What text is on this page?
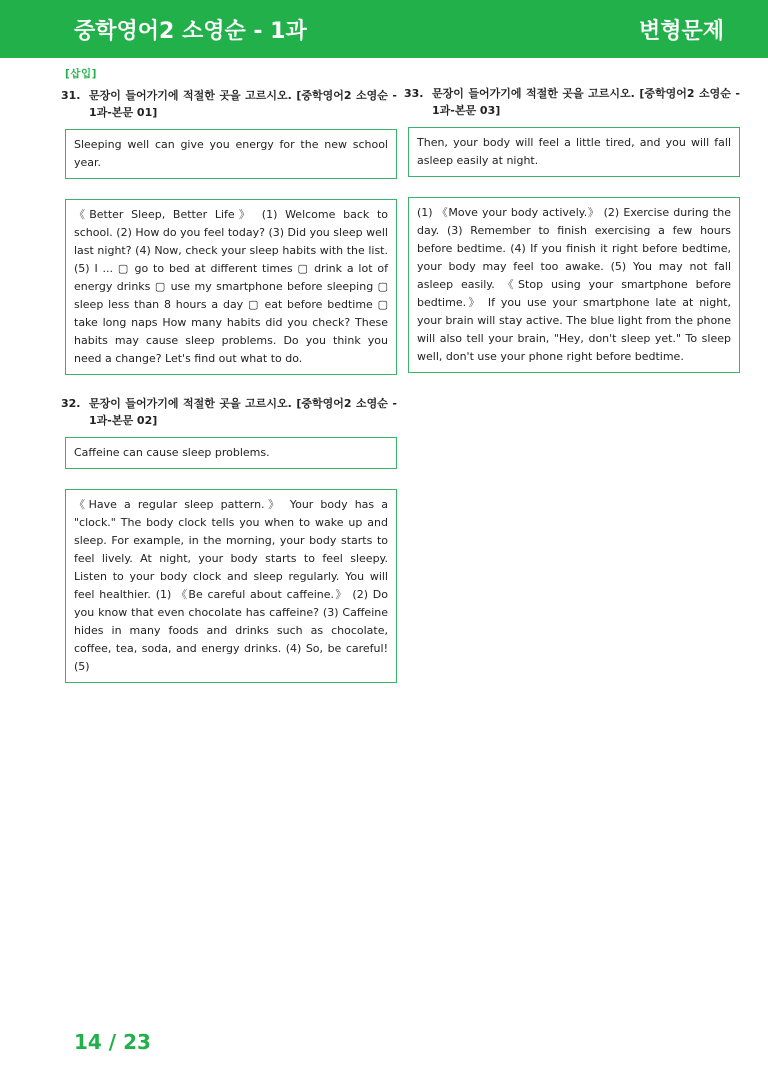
중학영어2 소영순 - 1과	변형문제
[삽입]
31. 문장이 들어가기에 적절한 곳을 고르시오. [중학영어2 소영순 - 1과-본문 01]
Sleeping well can give you energy for the new school year.
《Better Sleep, Better Life》 (1) Welcome back to school. (2) How do you feel today? (3) Did you sleep well last night? (4) Now, check your sleep habits with the list. (5) I ... ▢ go to bed at different times ▢ drink a lot of energy drinks ▢ use my smartphone before sleeping ▢ sleep less than 8 hours a day ▢ eat before bedtime ▢ take long naps How many habits did you check? These habits may cause sleep problems. Do you think you need a change? Let's find out what to do.
32. 문장이 들어가기에 적절한 곳을 고르시오. [중학영어2 소영순 - 1과-본문 02]
Caffeine can cause sleep problems.
《Have a regular sleep pattern.》 Your body has a "clock." The body clock tells you when to wake up and sleep. For example, in the morning, your body starts to feel lively. At night, your body starts to feel sleepy. Listen to your body clock and sleep regularly. You will feel healthier. (1) 《Be careful about caffeine.》 (2) Do you know that even chocolate has caffeine? (3) Caffeine hides in many foods and drinks such as chocolate, coffee, tea, soda, and energy drinks. (4) So, be careful! (5)
33. 문장이 들어가기에 적절한 곳을 고르시오. [중학영어2 소영순 - 1과-본문 03]
Then, your body will feel a little tired, and you will fall asleep easily at night.
(1) 《Move your body actively.》 (2) Exercise during the day. (3) Remember to finish exercising a few hours before bedtime. (4) If you finish it right before bedtime, your body may feel too awake. (5) You may not fall asleep easily. 《Stop using your smartphone before bedtime.》 If you use your smartphone late at night, your brain will stay active. The blue light from the phone will also tell your brain, "Hey, don't sleep yet." To sleep well, don't use your phone right before bedtime.
14 / 23
